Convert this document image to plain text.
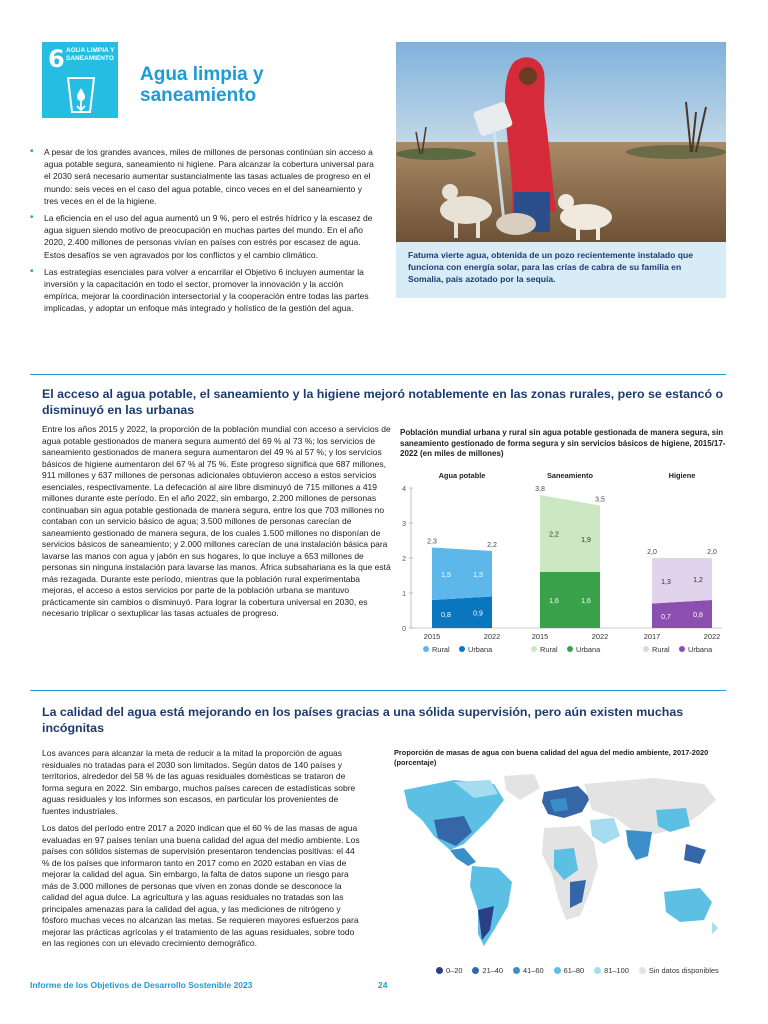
6 AGUA LIMPIA Y SANEAMIENTO
Agua limpia y saneamiento

Fatuma vierte agua, obtenida de un pozo recientemente instalado que funciona con energía solar, para las crías de cabra de su familia en Somalia, país azotado por la sequía.

• A pesar de los grandes avances, miles de millones de personas continúan sin acceso a agua potable segura, saneamiento ni higiene. Para alcanzar la cobertura universal para el 2030 será necesario aumentar sustancialmente las tasas actuales de progreso en el mundo: seis veces en el caso del agua potable, cinco veces en el del saneamiento y tres veces en el de la higiene.
• La eficiencia en el uso del agua aumentó un 9 %, pero el estrés hídrico y la escasez de agua siguen siendo motivo de preocupación en muchas partes del mundo. En el año 2020, 2.400 millones de personas vivían en países con estrés por escasez de agua. Estos desafíos se ven agravados por los conflictos y el cambio climático.
• Las estrategias esenciales para volver a encarrilar el Objetivo 6 incluyen aumentar la inversión y la capacitación en todo el sector, promover la innovación y la acción empírica, mejorar la coordinación intersectorial y la cooperación entre todas las partes implicadas, y adoptar un enfoque más integrado y holístico de la gestión del agua.
El acceso al agua potable, el saneamiento y la higiene mejoró notablemente en las zonas rurales, pero se estancó o disminuyó en las urbanas

Entre los años 2015 y 2022, la proporción de la población mundial con acceso a servicios de agua potable gestionados de manera segura aumentó del 69 % al 73 %; los servicios de saneamiento gestionados de manera segura aumentaron del 49 % al 57 %; y los servicios básicos de higiene aumentaron del 67 % al 75 %. Este progreso significa que 687 millones, 911 millones y 637 millones de personas adicionales obtuvieron acceso a estos servicios esenciales, respectivamente. La defecación al aire libre disminuyó de 715 millones a 419 millones durante este período. En el año 2022, sin embargo, 2.200 millones de personas continuaban sin agua potable gestionada de manera segura, entre los que 703 millones no contaban con un servicio básico de agua; 3.500 millones de personas carecían de saneamiento gestionado de manera segura, de los cuales 1.500 millones no disponían de servicios básicos de saneamiento; y 2.000 millones carecían de una instalación básica para lavarse las manos con agua y jabón en sus hogares, lo que incluye a 653 millones de personas sin ninguna instalación para lavarse las manos. África subsahariana es la que está más rezagada. Durante este período, mientras que la población rural experimentaba mejoras, el acceso a estos servicios por parte de la población urbana se mantuvo prácticamente sin cambios o disminuyó. Para lograr la cobertura universal en 2030, es necesario triplicar o sextuplicar las tasas actuales de progreso.

Población mundial urbana y rural sin agua potable gestionada de manera segura, sin saneamiento gestionado de forma segura y sin servicios básicos de higiene, 2015/17-2022 (en miles de millones)
0
1
2
3
4
Agua potable
0,8
1,5
2,3
2015
0,9
1,3
2,2
2022
Rural Urbana
Saneamiento
1,6
2,2
3,8
2015
1,6
1,9
3,5
2022
Rural Urbana
Higiene
0,7
1,3
2,0
2017
0,8
1,2
2,0
2022
Rural Urbana
La calidad del agua está mejorando en los países gracias a una sólida supervisión, pero aún existen muchas incógnitas

Los avances para alcanzar la meta de reducir a la mitad la proporción de aguas residuales no tratadas para el 2030 son limitados. Según datos de 140 países y territorios, alrededor del 58 % de las aguas residuales domésticas se trataron de forma segura en 2022. Sin embargo, muchos países carecen de estadísticas sobre aguas residuales y los informes son escasos, en particular los provenientes de fuentes industriales.

Los datos del período entre 2017 a 2020 indican que el 60 % de las masas de agua evaluadas en 97 países tenían una buena calidad del agua del medio ambiente. Los países con sólidos sistemas de supervisión presentaron tendencias positivas: el 44 % de los países que informaron tanto en 2017 como en 2020 estaban en vías de mejorar la calidad del agua. Sin embargo, la falta de datos supone un riesgo para más de 3.000 millones de personas que viven en zonas donde se desconoce la calidad del agua dulce. La agricultura y las aguas residuales no tratadas son las principales amenazas para la calidad del agua, y las mediciones de nitrógeno y fósforo muchas veces no alcanzan las metas. Se requieren mayores esfuerzos para mejorar las prácticas agrícolas y el tratamiento de las aguas residuales, sobre todo en las regiones con un elevado crecimiento demográfico.

Proporción de masas de agua con buena calidad del agua del medio ambiente, 2017-2020 (porcentaje)
0–20	21–40	41–60	61–80	81–100	Sin datos disponibles
Informe de los Objetivos de Desarrollo Sostenible 2023	24
